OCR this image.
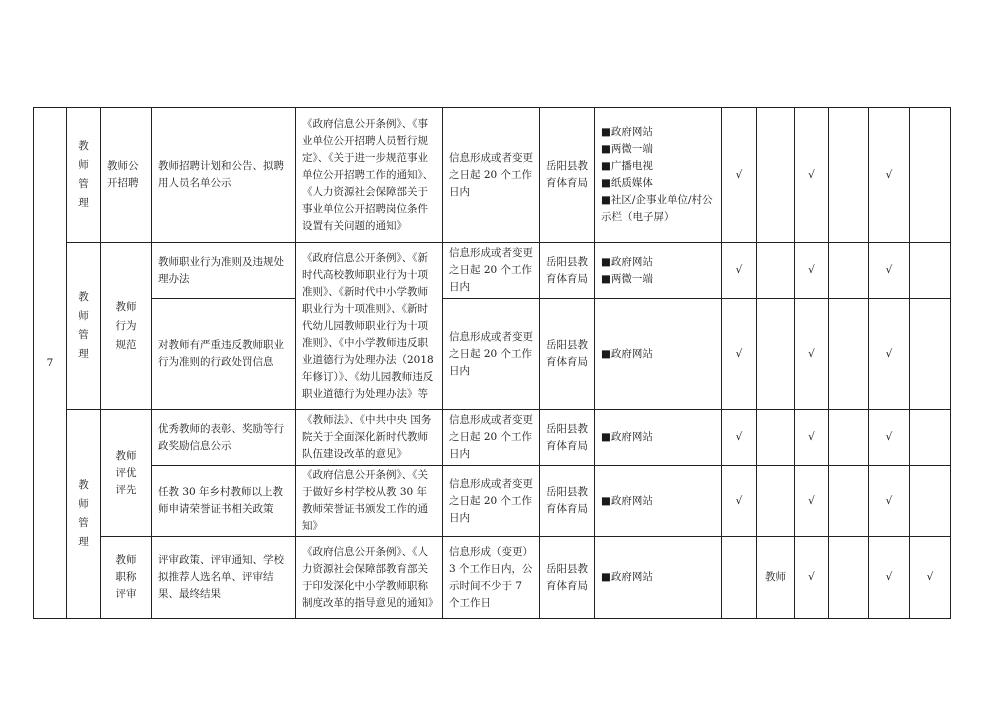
7	教
师
管
理	教师公开招聘	教师招聘计划和公告、拟聘用人员名单公示	《政府信息公开条例》、《事业单位公开招聘人员暂行规定》、《关于进一步规范事业单位公开招聘工作的通知》、《人力资源社会保障部关于事业单位公开招聘岗位条件设置有关问题的通知》	信息形成或者变更之日起 20 个工作日内	岳阳县教育体育局	■政府网站
■两微一端
■广播电视
■纸质媒体
■社区/企事业单位/村公示栏（电子屏）	√		√		√	

	教
师
管
理	教师
行为
规范	教师职业行为准则及违规处理办法	《政府信息公开条例》、《新时代高校教师职业行为十项准则》、《新时代中小学教师职业行为十项准则》、《新时代幼儿园教师职业行为十项准则》、《中小学教师违反职业道德行为处理办法（2018 年修订）》、《幼儿园教师违反职业道德行为处理办法》等	信息形成或者变更之日起 20 个工作日内	岳阳县教育体育局	■政府网站
■两微一端	√		√		√	
			对教师有严重违反教师职业行为准则的行政处罚信息		信息形成或者变更之日起 20 个工作日内	岳阳县教育体育局	■政府网站	√		√		√	

	教
师
管
理	教师评优评先	优秀教师的表彰、奖励等行政奖励信息公示	《教师法》、《中共中央 国务院关于全面深化新时代教师队伍建设改革的意见》	信息形成或者变更之日起 20 个工作日内	岳阳县教育体育局	■政府网站	√		√		√	
			任教 30 年乡村教师以上教师申请荣誉证书相关政策	《政府信息公开条例》、《关于做好乡村学校从教 30 年教师荣誉证书颁发工作的通知》	信息形成或者变更之日起 20 个工作日内	岳阳县教育体育局	■政府网站	√		√		√	
		教师职称评审	评审政策、评审通知、学校拟推荐人选名单、评审结果、最终结果	《政府信息公开条例》、《人力资源社会保障部教育部关于印发深化中小学教师职称制度改革的指导意见的通知》	信息形成（变更）3 个工作日内，公示时间不少于 7 个工作日	岳阳县教育体育局	■政府网站		教师	√		√	√
